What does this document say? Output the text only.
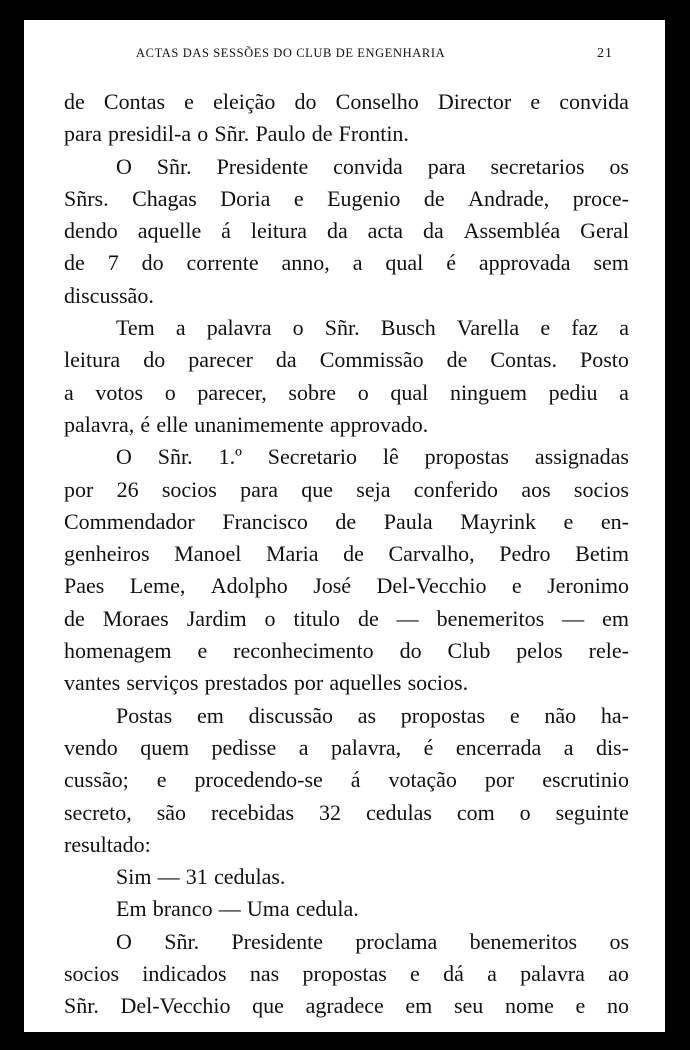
ACTAS DAS SESSÕES DO CLUB DE ENGENHARIA	21
de Contas e eleição do Conselho Director e convida
para presidil-a o Sñr. Paulo de Frontin.
O Sñr. Presidente convida para secretarios os
Sñrs. Chagas Doria e Eugenio de Andrade, proce-
dendo aquelle á leitura da acta da Assembléa Geral
de 7 do corrente anno, a qual é approvada sem
discussão.
Tem a palavra o Sñr. Busch Varella e faz a
leitura do parecer da Commissão de Contas. Posto
a votos o parecer, sobre o qual ninguem pediu a
palavra, é elle unanimemente approvado.
O Sñr. 1.º Secretario lê propostas assignadas
por 26 socios para que seja conferido aos socios
Commendador Francisco de Paula Mayrink e en-
genheiros Manoel Maria de Carvalho, Pedro Betim
Paes Leme, Adolpho José Del-Vecchio e Jeronimo
de Moraes Jardim o titulo de — benemeritos — em
homenagem e reconhecimento do Club pelos rele-
vantes serviços prestados por aquelles socios.
Postas em discussão as propostas e não ha-
vendo quem pedisse a palavra, é encerrada a dis-
cussão; e procedendo-se á votação por escrutinio
secreto, são recebidas 32 cedulas com o seguinte
resultado:
Sim — 31 cedulas.
Em branco — Uma cedula.
O Sñr. Presidente proclama benemeritos os
socios indicados nas propostas e dá a palavra ao
Sñr. Del-Vecchio que agradece em seu nome e no
